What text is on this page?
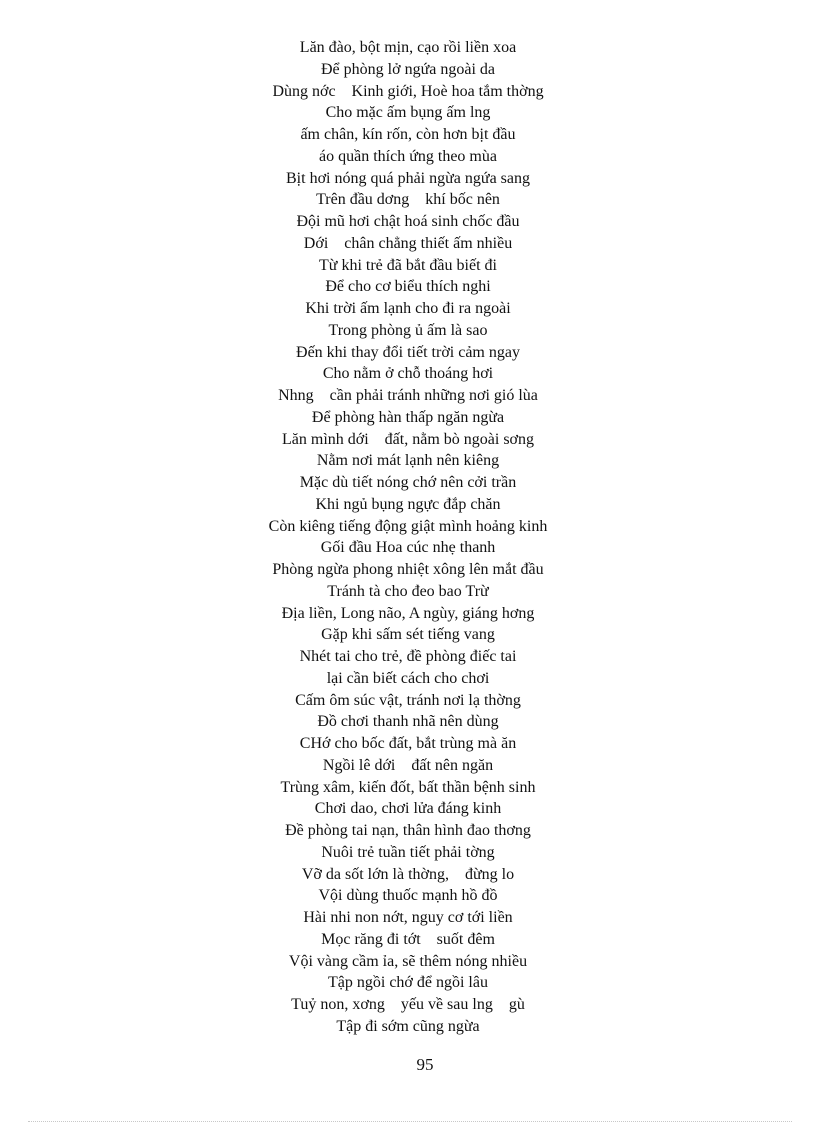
Lăn đào, bột mịn, cạo rồi liền xoa
Để phòng lở ngứa ngoài da
Dùng nớc    Kinh giới, Hoè hoa tắm thờng
Cho mặc ấm bụng ấm lng
ấm chân, kín rốn, còn hơn bịt đầu
áo quần thích ứng theo mùa
Bịt hơi nóng quá phải ngừa ngứa sang
Trên đầu dơng    khí bốc nên
Đội mũ hơi chật hoá sinh chốc đầu
Dới    chân chẳng thiết ấm nhiều
Từ khi trẻ đã bắt đầu biết đi
Để cho cơ biểu thích nghi
Khi trời ấm lạnh cho đi ra ngoài
Trong phòng ủ ấm là sao
Đến khi thay đổi tiết trời cảm ngay
Cho nằm ở chỗ thoáng hơi
Nhng    cần phải tránh những nơi gió lùa
Để phòng hàn thấp ngăn ngừa
Lăn mình dới    đất, nằm bò ngoài sơng
Nằm nơi mát lạnh nên kiêng
Mặc dù tiết nóng chớ nên cởi trần
Khi ngủ bụng ngực đắp chăn
Còn kiêng tiếng động giật mình hoảng kinh
Gối đầu Hoa cúc nhẹ thanh
Phòng ngừa phong nhiệt xông lên mắt đầu
Tránh tà cho đeo bao Trừ
Địa liền, Long não, A ngùy, giáng hơng
Gặp khi sấm sét tiếng vang
Nhét tai cho trẻ, đề phòng điếc tai
lại cần biết cách cho chơi
Cấm ôm súc vật, tránh nơi lạ thờng
Đồ chơi thanh nhã nên dùng
CHớ cho bốc đất, bắt trùng mà ăn
Ngồi lê dới    đất nên ngăn
Trùng xâm, kiến đốt, bất thần bệnh sinh
Chơi dao, chơi lửa đáng kinh
Đề phòng tai nạn, thân hình đao thơng
Nuôi trẻ tuần tiết phải tờng
Vỡ da sốt lớn là thờng,    đừng lo
Vội dùng thuốc mạnh hồ đồ
Hài nhi non nớt, nguy cơ tới liền
Mọc răng đi tớt    suốt đêm
Vội vàng cầm ỉa, sẽ thêm nóng nhiều
Tập ngồi chớ để ngồi lâu
Tuỷ non, xơng    yếu về sau lng    gù
Tập đi sớm cũng ngừa
95
